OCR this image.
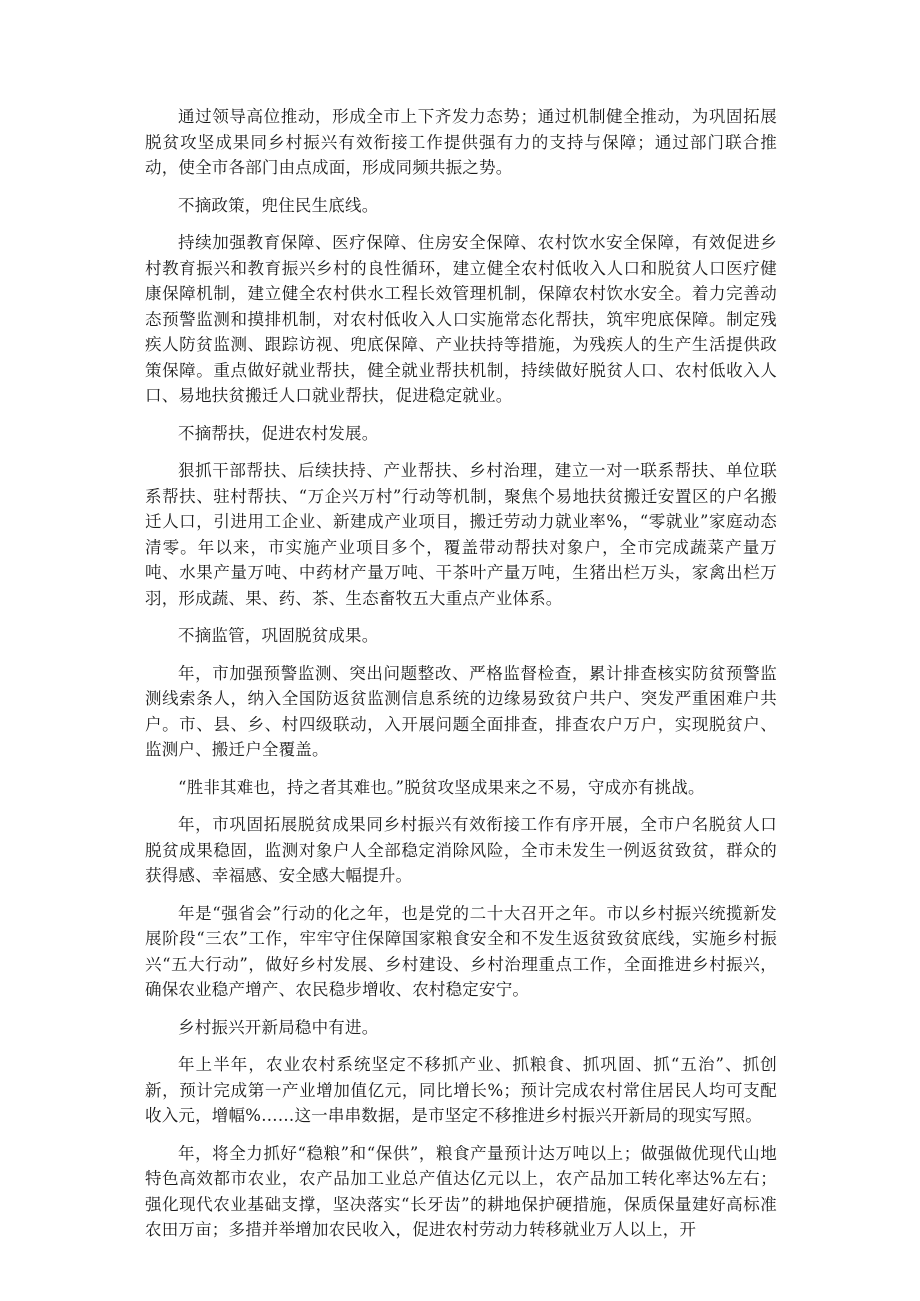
通过领导高位推动，形成全市上下齐发力态势；通过机制健全推动，为巩固拓展脱贫攻坚成果同乡村振兴有效衔接工作提供强有力的支持与保障；通过部门联合推动，使全市各部门由点成面，形成同频共振之势。

不摘政策，兜住民生底线。

持续加强教育保障、医疗保障、住房安全保障、农村饮水安全保障，有效促进乡村教育振兴和教育振兴乡村的良性循环，建立健全农村低收入人口和脱贫人口医疗健康保障机制，建立健全农村供水工程长效管理机制，保障农村饮水安全。着力完善动态预警监测和摸排机制，对农村低收入人口实施常态化帮扶，筑牢兜底保障。制定残疾人防贫监测、跟踪访视、兜底保障、产业扶持等措施，为残疾人的生产生活提供政策保障。重点做好就业帮扶，健全就业帮扶机制，持续做好脱贫人口、农村低收入人口、易地扶贫搬迁人口就业帮扶，促进稳定就业。

不摘帮扶，促进农村发展。

狠抓干部帮扶、后续扶持、产业帮扶、乡村治理，建立一对一联系帮扶、单位联系帮扶、驻村帮扶、“万企兴万村”行动等机制，聚焦个易地扶贫搬迁安置区的户名搬迁人口，引进用工企业、新建成产业项目，搬迁劳动力就业率%，“零就业”家庭动态清零。年以来，市实施产业项目多个，覆盖带动帮扶对象户，全市完成蔬菜产量万吨、水果产量万吨、中药材产量万吨、干茶叶产量万吨，生猪出栏万头，家禽出栏万羽，形成蔬、果、药、茶、生态畜牧五大重点产业体系。

不摘监管，巩固脱贫成果。

年，市加强预警监测、突出问题整改、严格监督检查，累计排查核实防贫预警监测线索条人，纳入全国防返贫监测信息系统的边缘易致贫户共户、突发严重困难户共户。市、县、乡、村四级联动，入开展问题全面排查，排查农户万户，实现脱贫户、监测户、搬迁户全覆盖。

“胜非其难也，持之者其难也。”脱贫攻坚成果来之不易，守成亦有挑战。

年，市巩固拓展脱贫成果同乡村振兴有效衔接工作有序开展，全市户名脱贫人口脱贫成果稳固，监测对象户人全部稳定消除风险，全市未发生一例返贫致贫，群众的获得感、幸福感、安全感大幅提升。

年是“强省会”行动的化之年，也是党的二十大召开之年。市以乡村振兴统揽新发展阶段“三农”工作，牢牢守住保障国家粮食安全和不发生返贫致贫底线，实施乡村振兴“五大行动”，做好乡村发展、乡村建设、乡村治理重点工作，全面推进乡村振兴，确保农业稳产增产、农民稳步增收、农村稳定安宁。

乡村振兴开新局稳中有进。

年上半年，农业农村系统坚定不移抓产业、抓粮食、抓巩固、抓“五治”、抓创新，预计完成第一产业增加值亿元，同比增长%；预计完成农村常住居民人均可支配收入元，增幅%……这一串串数据，是市坚定不移推进乡村振兴开新局的现实写照。

年，将全力抓好“稳粮”和“保供”，粮食产量预计达万吨以上；做强做优现代山地特色高效都市农业，农产品加工业总产值达亿元以上，农产品加工转化率达%左右；强化现代农业基础支撑，坚决落实“长牙齿”的耕地保护硬措施，保质保量建好高标准农田万亩；多措并举增加农民收入，促进农村劳动力转移就业万人以上，开
